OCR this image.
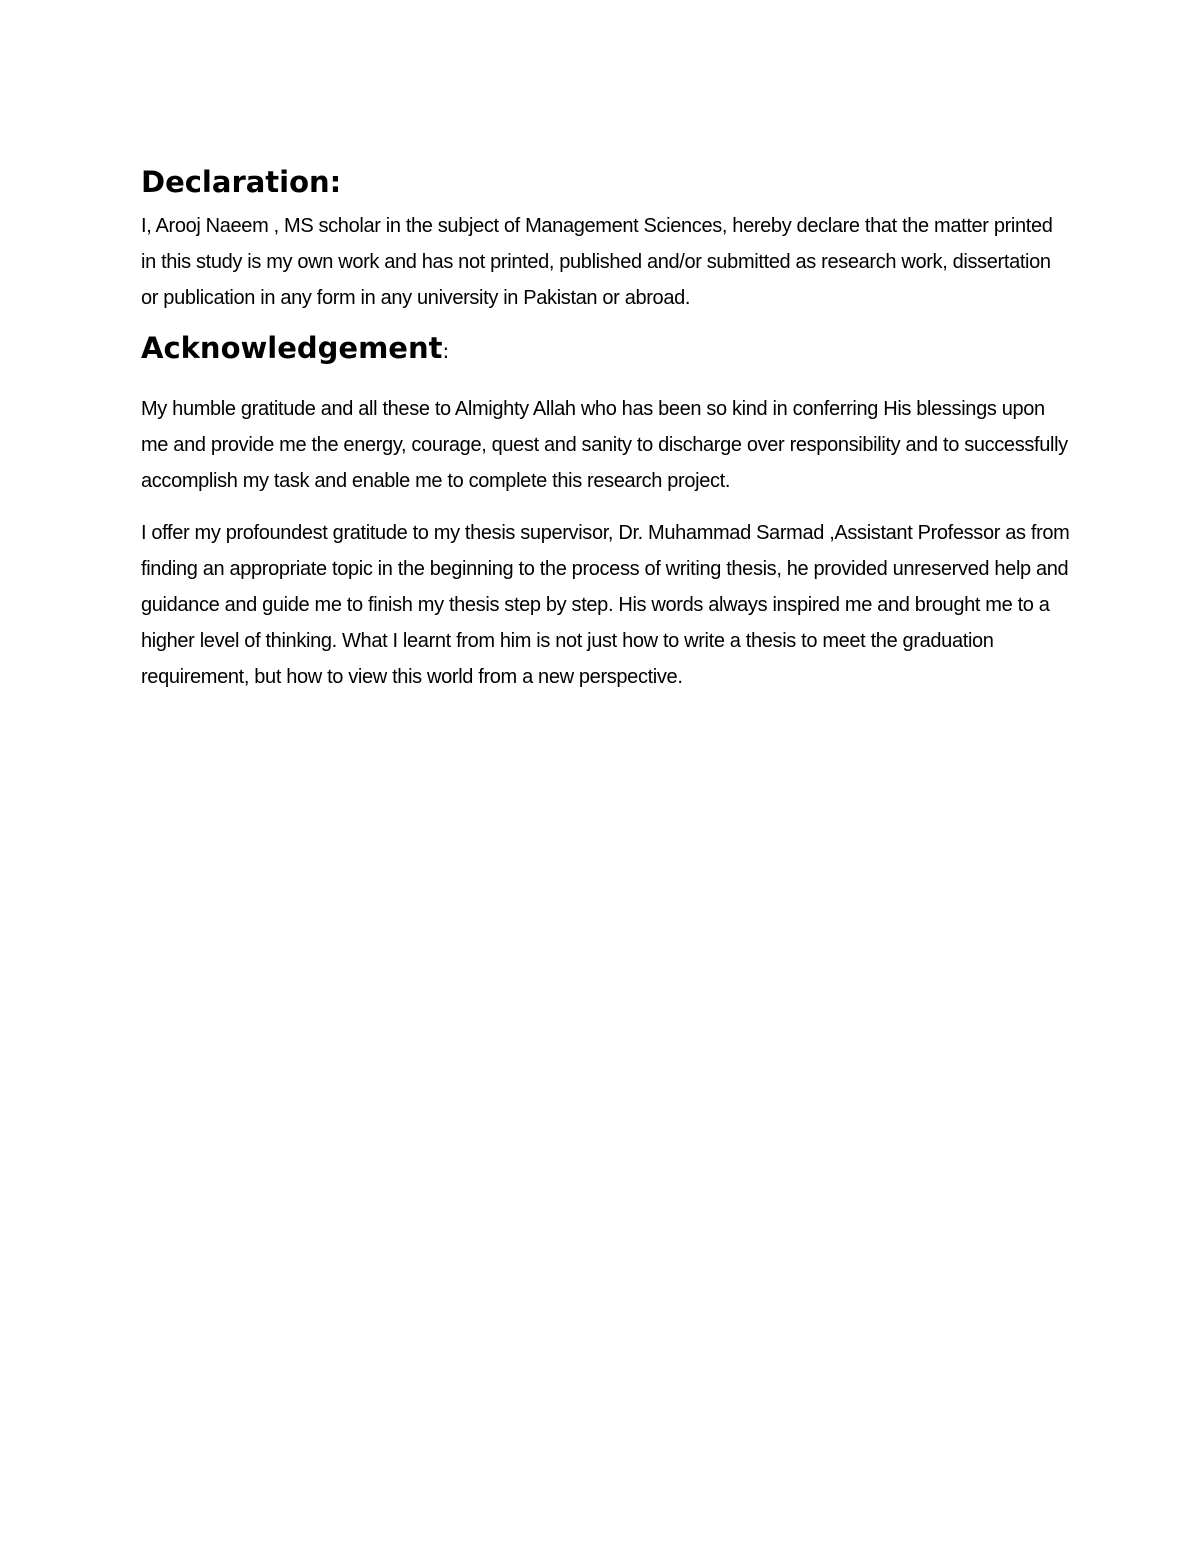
Declaration:

I, Arooj Naeem , MS scholar in the subject of Management Sciences, hereby declare that the matter printed in this study is my own work and has not printed, published and/or submitted as research work, dissertation or publication in any form in any university in Pakistan or abroad.

Acknowledgement:

My humble gratitude and all these to Almighty Allah who has been so kind in conferring His blessings upon me and provide me the energy, courage, quest and sanity to discharge over responsibility and to successfully accomplish my task and enable me to complete this research project.

I offer my profoundest gratitude to my thesis supervisor, Dr. Muhammad Sarmad ,Assistant Professor as from finding an appropriate topic in the beginning to the process of writing thesis, he provided unreserved help and guidance and guide me to finish my thesis step by step. His words always inspired me and brought me to a higher level of thinking. What I learnt from him is not just how to write a thesis to meet the graduation requirement, but how to view this world from a new perspective.
